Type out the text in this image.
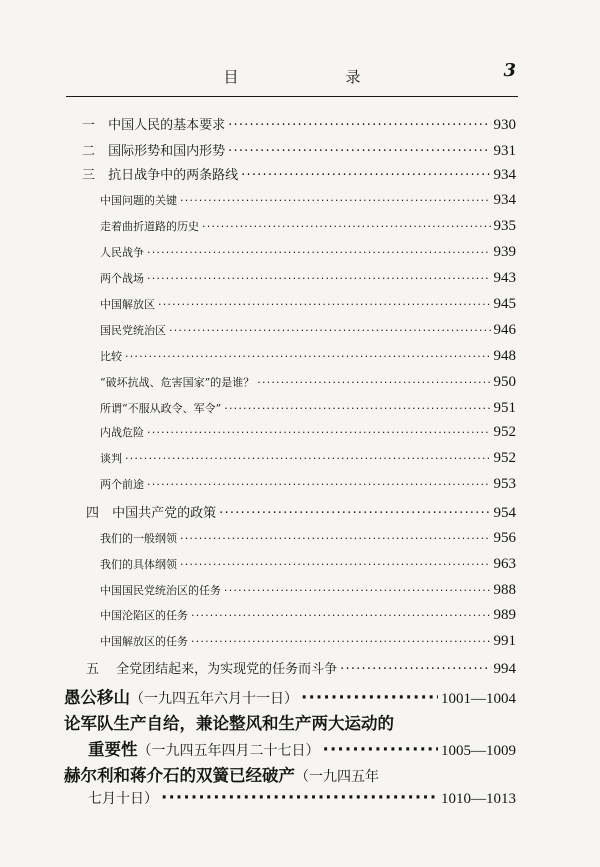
目　录	3
一 中国人民的基本要求 ·····	930
二 国际形势和国内形势 ·····	931
三 抗日战争中的两条路线 ·····	934
中国问题的关键 ·····	934
走着曲折道路的历史 ·····	935
人民战争 ·····	939
两个战场 ·····	943
中国解放区 ·····	945
国民党统治区 ·····	946
比较 ·····	948
“破坏抗战、危害国家”的是谁？ ·····	950
所谓“不服从政令、军令” ·····	951
内战危险 ·····	952
谈判 ·····	952
两个前途 ·····	953
四 中国共产党的政策 ·····	954
我们的一般纲领 ·····	956
我们的具体纲领 ·····	963
中国国民党统治区的任务 ·····	988
中国沦陷区的任务 ·····	989
中国解放区的任务 ·····	991
五 全党团结起来，为实现党的任务而斗争 ·····	994
愚公移山（一九四五年六月十一日） ·····	1001—1004
论军队生产自给，兼论整风和生产两大运动的
重要性（一九四五年四月二十七日） ·····	1005—1009
赫尔利和蒋介石的双簧已经破产（一九四五年
七月十日） ·····	1010—1013
